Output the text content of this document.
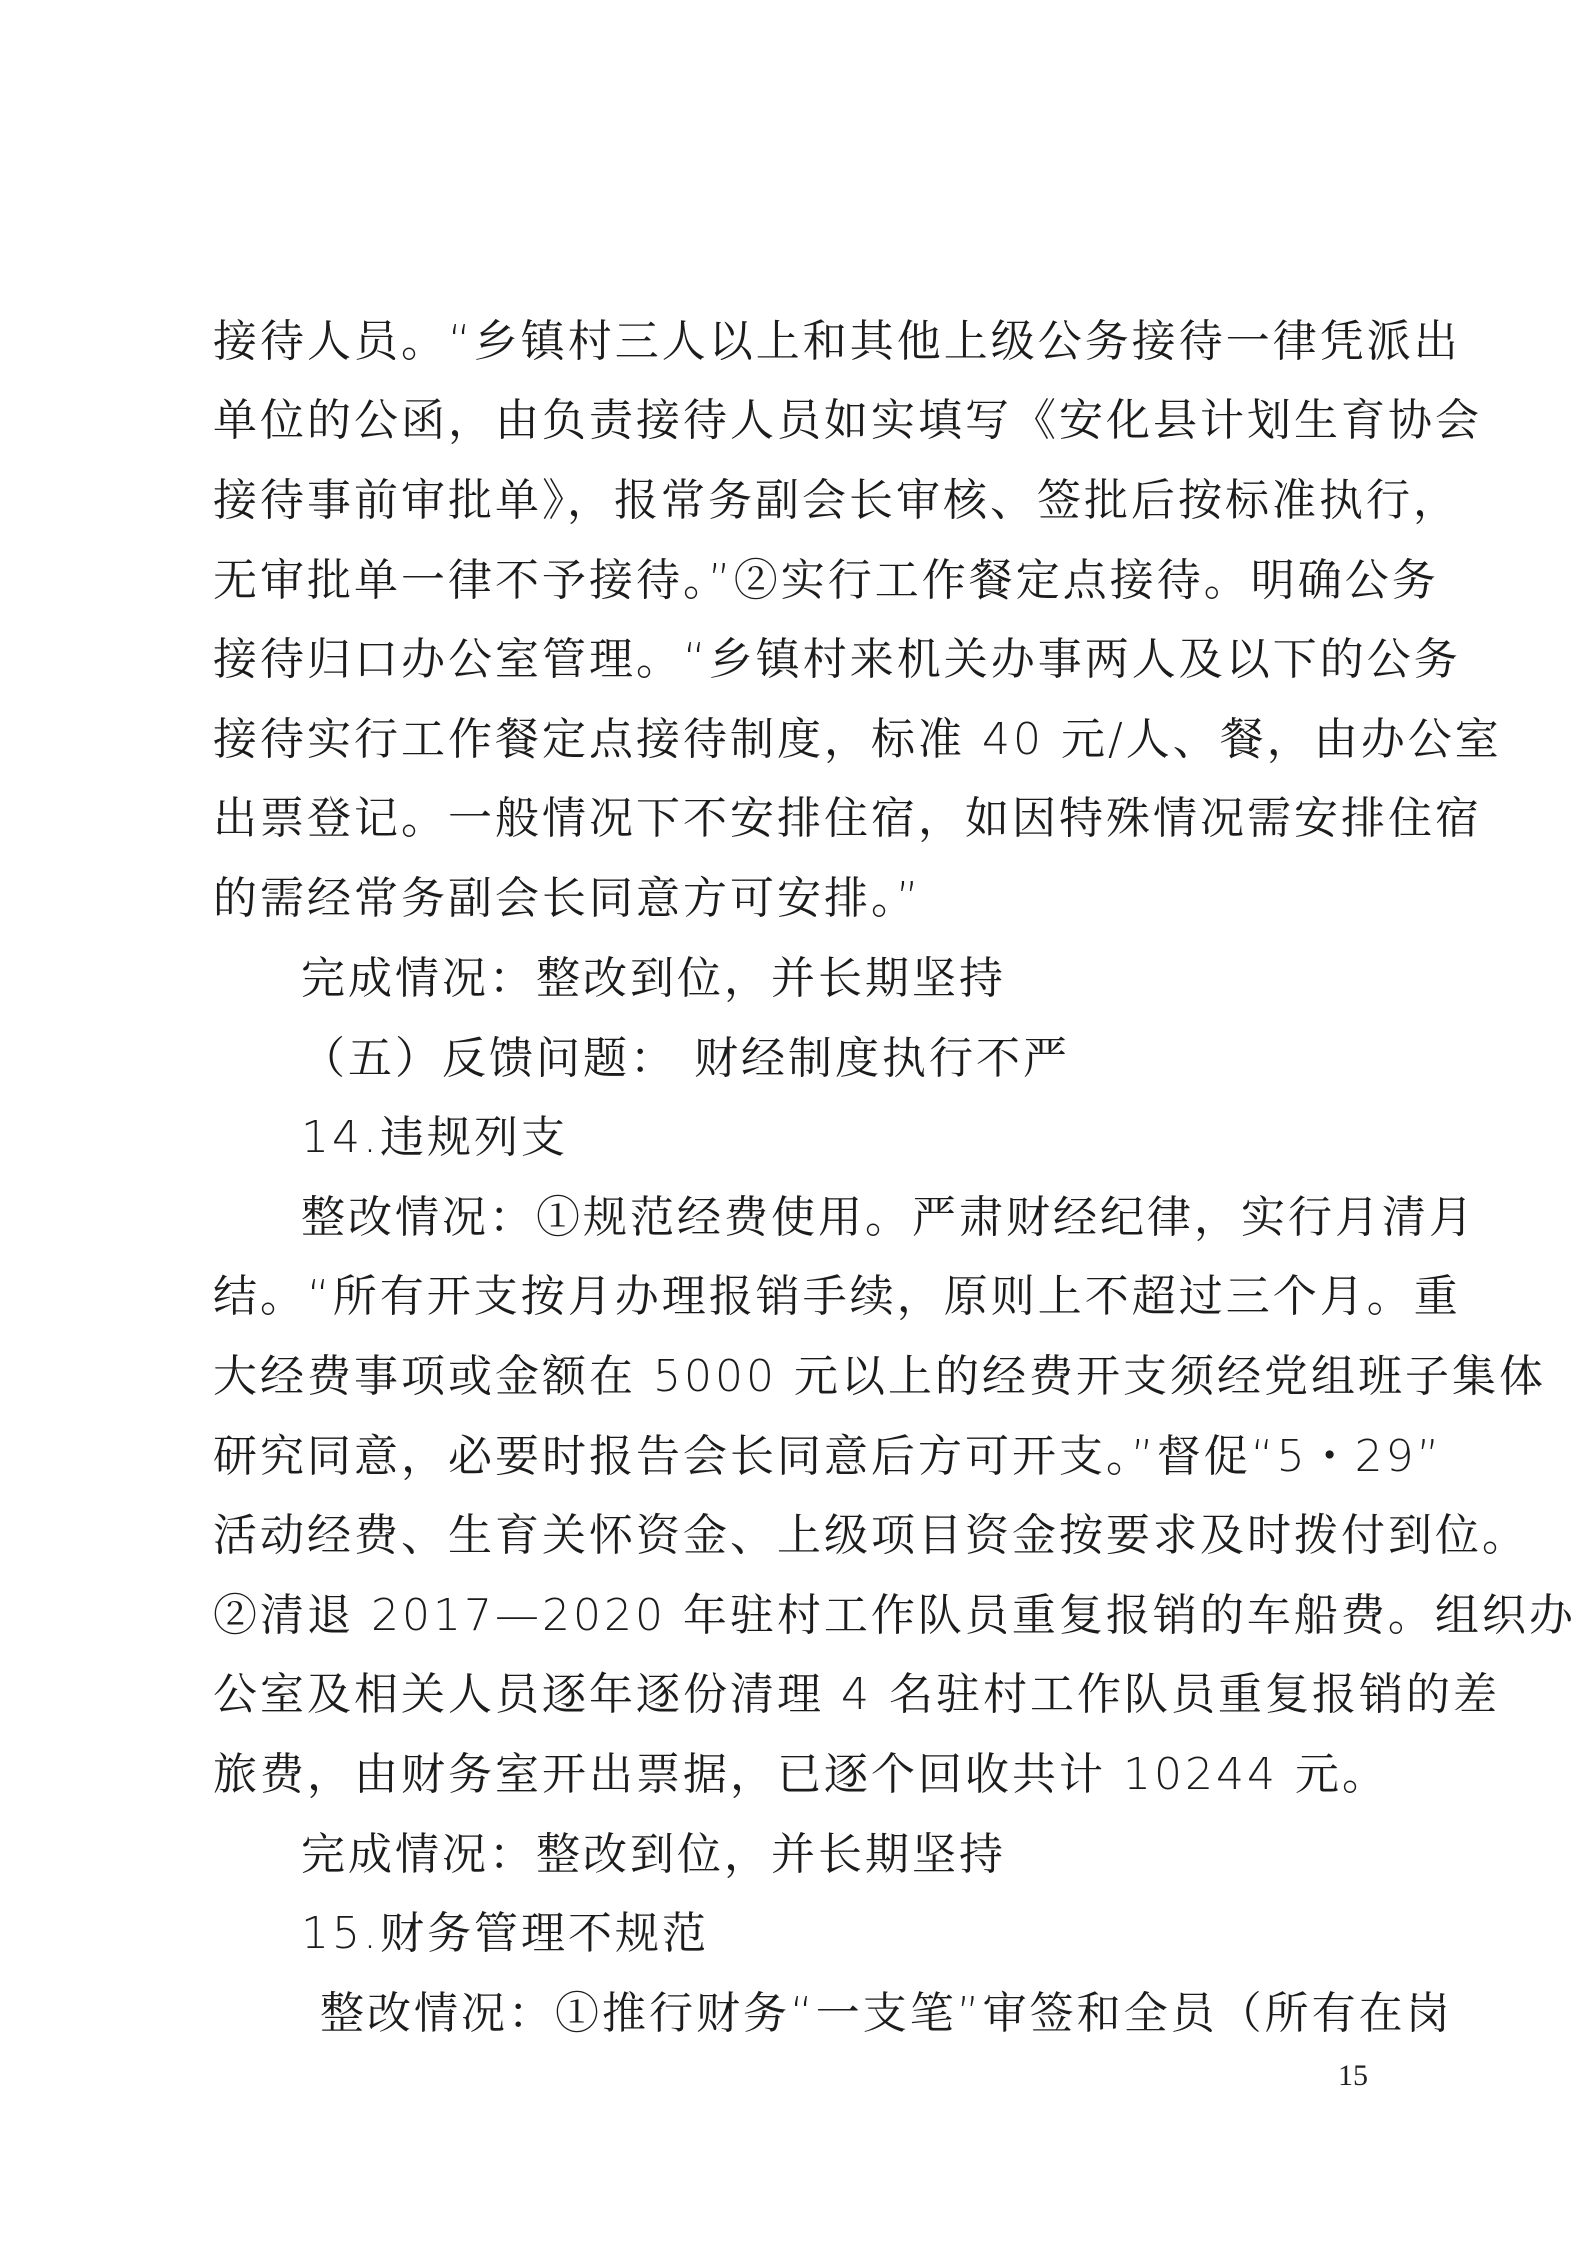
接待人员。“乡镇村三人以上和其他上级公务接待一律凭派出
单位的公函，由负责接待人员如实填写《安化县计划生育协会
接待事前审批单》，报常务副会长审核、签批后按标准执行，
无审批单一律不予接待。”②实行工作餐定点接待。明确公务
接待归口办公室管理。“乡镇村来机关办事两人及以下的公务
接待实行工作餐定点接待制度，标准 40 元/人、餐，由办公室
出票登记。一般情况下不安排住宿，如因特殊情况需安排住宿
的需经常务副会长同意方可安排。”
完成情况：整改到位，并长期坚持
（五）反馈问题： 财经制度执行不严
14.违规列支
整改情况：①规范经费使用。严肃财经纪律，实行月清月
结。“所有开支按月办理报销手续，原则上不超过三个月。重
大经费事项或金额在 5000 元以上的经费开支须经党组班子集体
研究同意，必要时报告会长同意后方可开支。”督促“5・29”
活动经费、生育关怀资金、上级项目资金按要求及时拨付到位。
②清退 2017—2020 年驻村工作队员重复报销的车船费。组织办
公室及相关人员逐年逐份清理 4 名驻村工作队员重复报销的差
旅费，由财务室开出票据，已逐个回收共计 10244 元。
完成情况：整改到位，并长期坚持
15.财务管理不规范
整改情况：①推行财务“一支笔”审签和全员（所有在岗
15
